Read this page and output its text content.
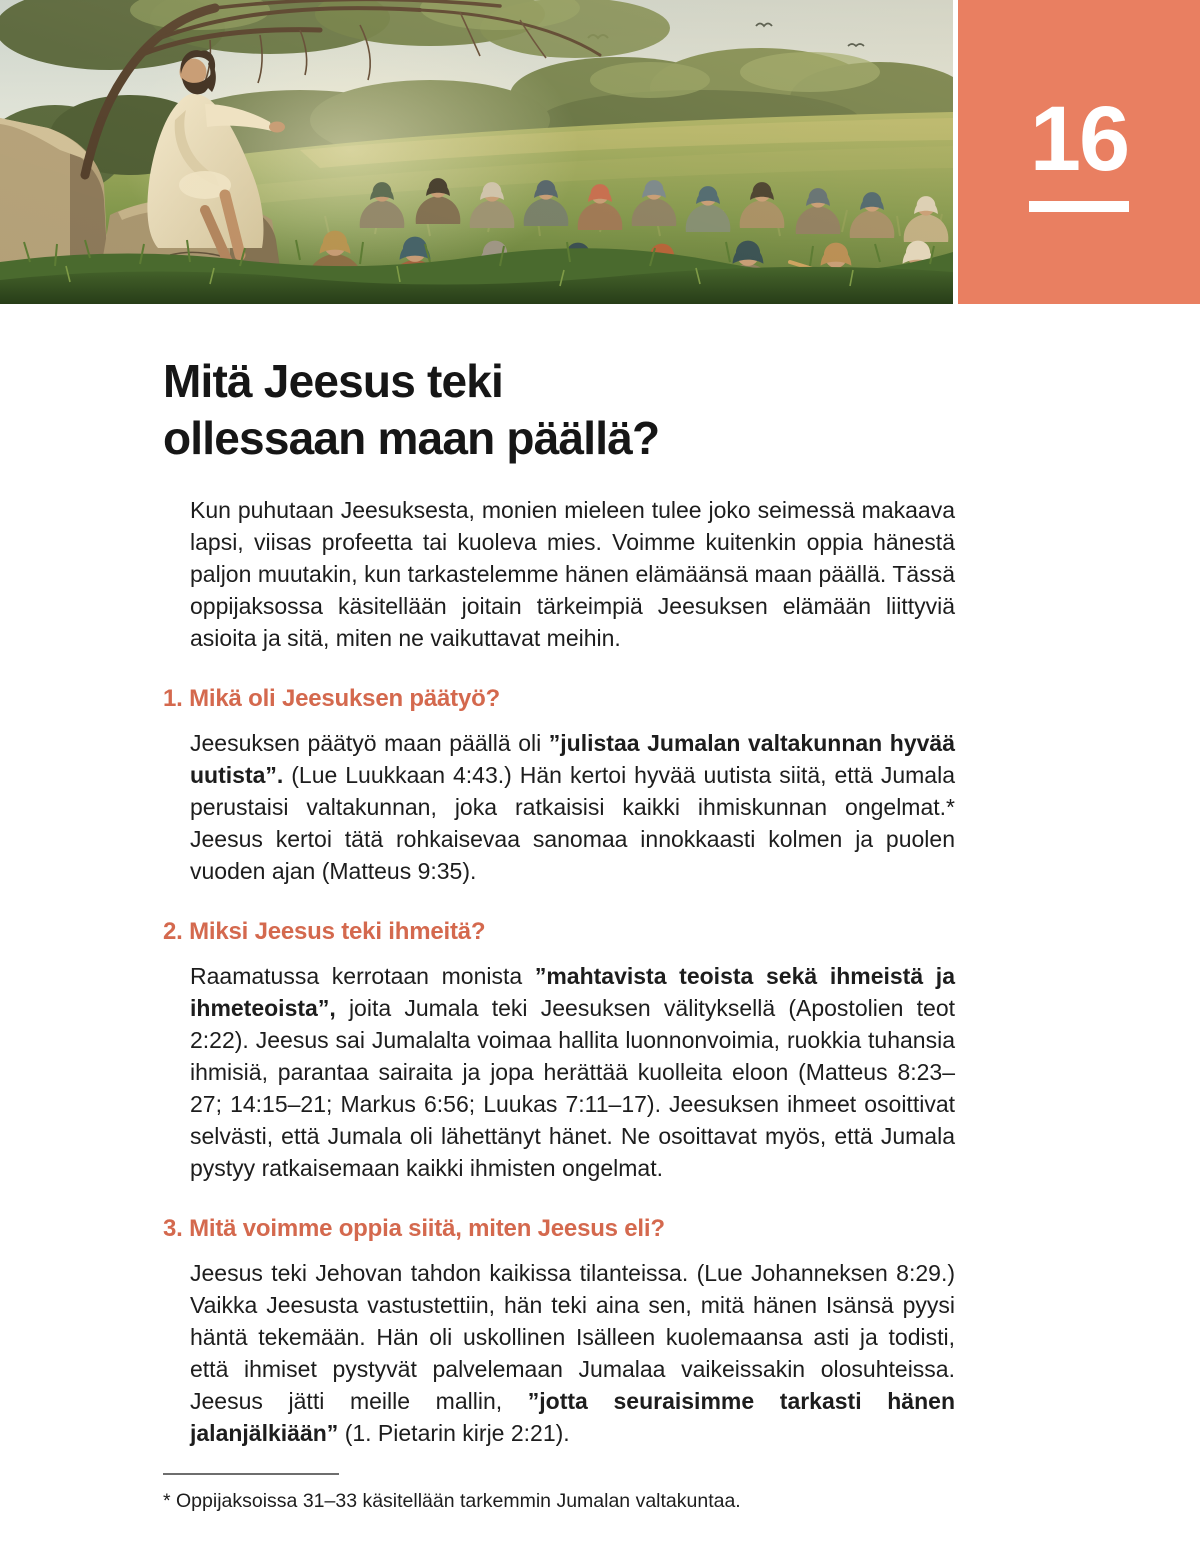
16
Mitä Jeesus teki
ollessaan maan päällä?

Kun puhutaan Jeesuksesta, monien mieleen tulee joko seimessä makaava lapsi, viisas profeetta tai kuoleva mies. Voimme kuitenkin oppia hänestä paljon muutakin, kun tarkastelemme hänen elämäänsä maan päällä. Tässä oppijaksossa käsitellään joitain tärkeimpiä Jeesuksen elämään liittyviä asioita ja sitä, miten ne vaikuttavat meihin.

1. Mikä oli Jeesuksen päätyö?

Jeesuksen päätyö maan päällä oli ”julistaa Jumalan valtakunnan hyvää uutista”. (Lue Luukkaan 4:43.) Hän kertoi hyvää uutista siitä, että Jumala perustaisi valtakunnan, joka ratkaisisi kaikki ihmiskunnan ongelmat.* Jeesus kertoi tätä rohkaisevaa sanomaa innokkaasti kolmen ja puolen vuoden ajan (Matteus 9:35).

2. Miksi Jeesus teki ihmeitä?

Raamatussa kerrotaan monista ”mahtavista teoista sekä ihmeistä ja ihmeteoista”, joita Jumala teki Jeesuksen välityksellä (Apostolien teot 2:22). Jeesus sai Jumalalta voimaa hallita luonnonvoimia, ruokkia tuhansia ihmisiä, parantaa sairaita ja jopa herättää kuolleita eloon (Matteus 8:23–27; 14:15–21; Markus 6:56; Luukas 7:11–17). Jeesuksen ihmeet osoittivat selvästi, että Jumala oli lähettänyt hänet. Ne osoittavat myös, että Jumala pystyy ratkaisemaan kaikki ihmisten ongelmat.

3. Mitä voimme oppia siitä, miten Jeesus eli?

Jeesus teki Jehovan tahdon kaikissa tilanteissa. (Lue Johanneksen 8:29.) Vaikka Jeesusta vastustettiin, hän teki aina sen, mitä hänen Isänsä pyysi häntä tekemään. Hän oli uskollinen Isälleen kuolemaansa asti ja todisti, että ihmiset pystyvät palvelemaan Jumalaa vaikeissakin olosuhteissa. Jeesus jätti meille mallin, ”jotta seuraisimme tarkasti hänen jalanjälkiään” (1. Pietarin kirje 2:21).

* Oppijaksoissa 31–33 käsitellään tarkemmin Jumalan valtakuntaa.
